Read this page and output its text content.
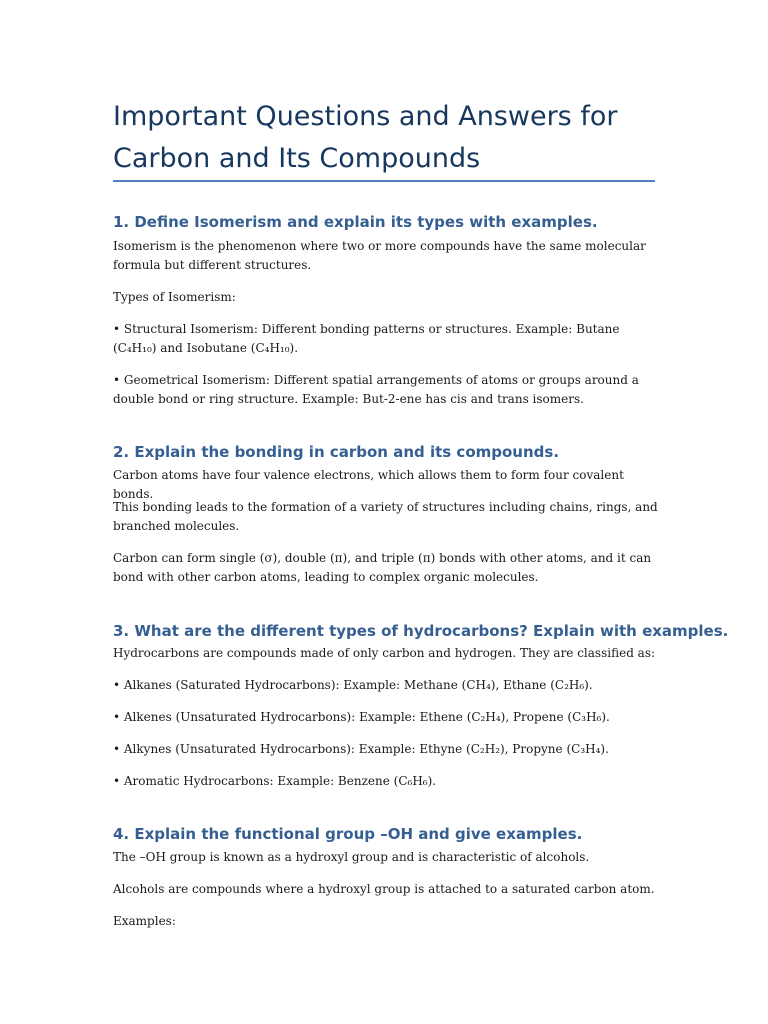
Important Questions and Answers for Carbon and Its Compounds
1. Define Isomerism and explain its types with examples.

Isomerism is the phenomenon where two or more compounds have the same molecular formula but different structures.

Types of Isomerism:

• Structural Isomerism: Different bonding patterns or structures. Example: Butane (C₄H₁₀) and Isobutane (C₄H₁₀).

• Geometrical Isomerism: Different spatial arrangements of atoms or groups around a double bond or ring structure. Example: But-2-ene has cis and trans isomers.

2. Explain the bonding in carbon and its compounds.

Carbon atoms have four valence electrons, which allows them to form four covalent bonds.

This bonding leads to the formation of a variety of structures including chains, rings, and branched molecules.

Carbon can form single (σ), double (π), and triple (π) bonds with other atoms, and it can bond with other carbon atoms, leading to complex organic molecules.

3. What are the different types of hydrocarbons? Explain with examples.

Hydrocarbons are compounds made of only carbon and hydrogen. They are classified as:

• Alkanes (Saturated Hydrocarbons): Example: Methane (CH₄), Ethane (C₂H₆).

• Alkenes (Unsaturated Hydrocarbons): Example: Ethene (C₂H₄), Propene (C₃H₆).

• Alkynes (Unsaturated Hydrocarbons): Example: Ethyne (C₂H₂), Propyne (C₃H₄).

• Aromatic Hydrocarbons: Example: Benzene (C₆H₆).

4. Explain the functional group –OH and give examples.

The –OH group is known as a hydroxyl group and is characteristic of alcohols.

Alcohols are compounds where a hydroxyl group is attached to a saturated carbon atom.

Examples:
